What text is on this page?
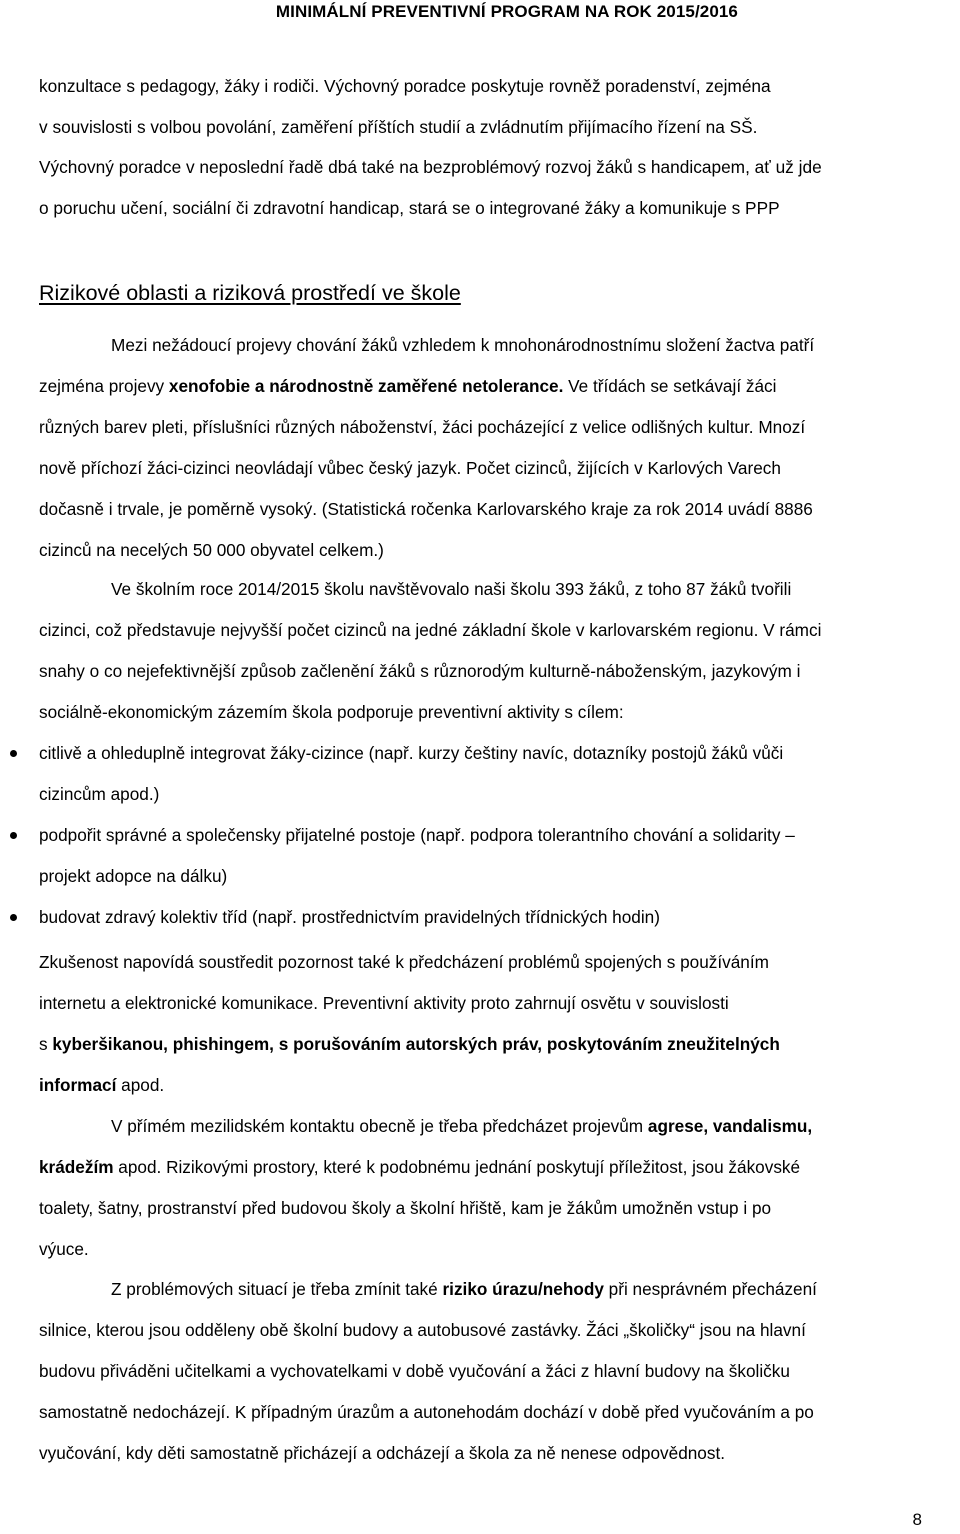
MINIMÁLNÍ PREVENTIVNÍ PROGRAM NA ROK 2015/2016
konzultace s pedagogy, žáky i rodiči. Výchovný poradce poskytuje rovněž poradenství, zejména
v souvislosti s volbou povolání, zaměření příštích studií a zvládnutím přijímacího řízení na SŠ.
Výchovný poradce v neposlední řadě dbá také na bezproblémový rozvoj žáků s handicapem, ať už jde
o poruchu učení, sociální či zdravotní handicap, stará se o integrované žáky a komunikuje s PPP
Rizikové oblasti a riziková prostředí ve škole
Mezi nežádoucí projevy chování žáků vzhledem k mnohonárodnostnímu složení žactva patří
zejména projevy xenofobie a národnostně zaměřené netolerance. Ve třídách se setkávají žáci
různých barev pleti, příslušníci různých náboženství, žáci pocházející z velice odlišných kultur. Mnozí
nově příchozí žáci-cizinci neovládají vůbec český jazyk. Počet cizinců, žijících v Karlových Varech
dočasně i trvale, je poměrně vysoký. (Statistická ročenka Karlovarského kraje za rok 2014 uvádí 8886
cizinců na necelých 50 000 obyvatel celkem.)
Ve školním roce 2014/2015 školu navštěvovalo naši školu 393 žáků, z toho 87 žáků tvořili
cizinci, což představuje nejvyšší počet cizinců na jedné základní škole v karlovarském regionu. V rámci
snahy o co nejefektivnější způsob začlenění žáků s různorodým kulturně-náboženským, jazykovým i
sociálně-ekonomickým zázemím škola podporuje preventivní aktivity s cílem:
citlivě a ohleduplně integrovat žáky-cizince (např. kurzy češtiny navíc, dotazníky postojů žáků vůči
cizincům apod.)
podpořit správné a společensky přijatelné postoje (např. podpora tolerantního chování a solidarity –
projekt adopce na dálku)
budovat zdravý kolektiv tříd (např. prostřednictvím pravidelných třídnických hodin)
Zkušenost napovídá soustředit pozornost také k předcházení problémů spojených s používáním
internetu a elektronické komunikace. Preventivní aktivity proto zahrnují osvětu v souvislosti
s kyberšikanou, phishingem, s porušováním autorských práv, poskytováním zneužitelných
informací apod.
V přímém mezilidském kontaktu obecně je třeba předcházet projevům agrese, vandalismu,
krádežím apod. Rizikovými prostory, které k podobnému jednání poskytují příležitost, jsou žákovské
toalety, šatny, prostranství před budovou školy a školní hřiště, kam je žákům umožněn vstup i po
výuce.
Z problémových situací je třeba zmínit také riziko úrazu/nehody při nesprávném přecházení
silnice, kterou jsou odděleny obě školní budovy a autobusové zastávky. Žáci „školičky“ jsou na hlavní
budovu přiváděni učitelkami a vychovatelkami v době vyučování a žáci z hlavní budovy na školičku
samostatně nedocházejí. K případným úrazům a autonehodám dochází v době před vyučováním a po
vyučování, kdy děti samostatně přicházejí a odcházejí a škola za ně nenese odpovědnost.
8
